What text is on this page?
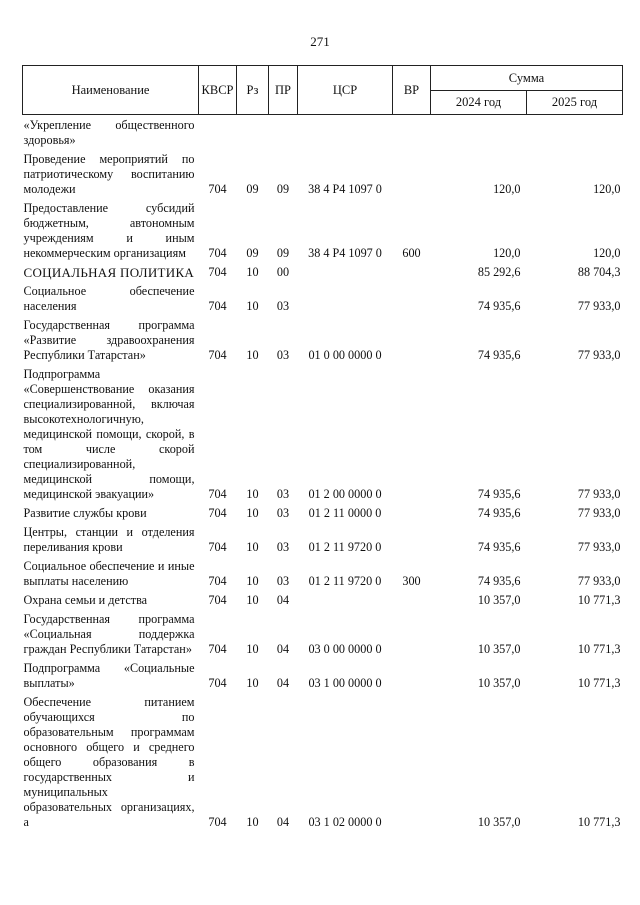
271
Наименование	КВСР	Рз	ПР	ЦСР	ВР	Сумма	
						2024 год	2025 год
«Укрепление общественного здоровья»							
Проведение мероприятий по патриотическому воспитанию молодежи	704	09	09	38 4 Р4 1097 0		120,0	120,0
Предоставление субсидий бюджетным, автономным учреждениям и иным некоммерческим организациям	704	09	09	38 4 Р4 1097 0	600	120,0	120,0
СОЦИАЛЬНАЯ ПОЛИТИКА	704	10	00			85 292,6	88 704,3
Социальное обеспечение населения	704	10	03			74 935,6	77 933,0
Государственная программа «Развитие здравоохранения Республики Татарстан»	704	10	03	01 0 00 0000 0		74 935,6	77 933,0
Подпрограмма «Совершенствование оказания специализированной, включая высокотехнологичную, медицинской помощи, скорой, в том числе скорой специализированной, медицинской помощи, медицинской эвакуации»	704	10	03	01 2 00 0000 0		74 935,6	77 933,0
Развитие службы крови	704	10	03	01 2 11 0000 0		74 935,6	77 933,0
Центры, станции и отделения переливания крови	704	10	03	01 2 11 9720 0		74 935,6	77 933,0
Социальное обеспечение и иные выплаты населению	704	10	03	01 2 11 9720 0	300	74 935,6	77 933,0
Охрана семьи и детства	704	10	04			10 357,0	10 771,3
Государственная программа «Социальная поддержка граждан Республики Татарстан»	704	10	04	03 0 00 0000 0		10 357,0	10 771,3
Подпрограмма «Социальные выплаты»	704	10	04	03 1 00 0000 0		10 357,0	10 771,3
Обеспечение питанием обучающихся по образовательным программам основного общего и среднего общего образования в государственных и муниципальных образовательных организациях, а	704	10	04	03 1 02 0000 0		10 357,0	10 771,3
